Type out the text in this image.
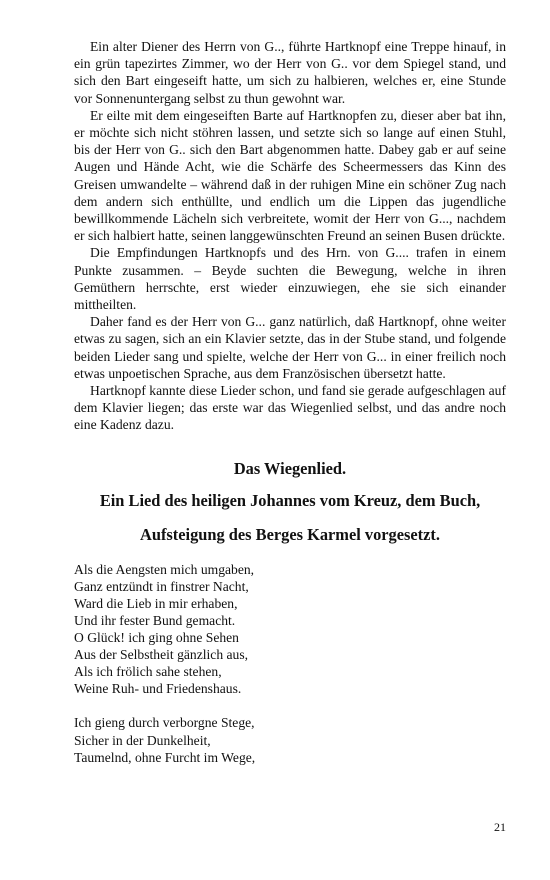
Ein alter Diener des Herrn von G.., führte Hartknopf eine Treppe hinauf, in ein grün tapezirtes Zimmer, wo der Herr von G.. vor dem Spiegel stand, und sich den Bart eingeseift hatte, um sich zu halbieren, welches er, eine Stunde vor Sonnenuntergang selbst zu thun gewohnt war.

Er eilte mit dem eingeseiften Barte auf Hartknopfen zu, dieser aber bat ihn, er möchte sich nicht stöhren lassen, und setzte sich so lange auf einen Stuhl, bis der Herr von G.. sich den Bart abgenommen hatte. Dabey gab er auf seine Augen und Hände Acht, wie die Schärfe des Scheermessers das Kinn des Greisen umwandelte – während daß in der ruhigen Mine ein schöner Zug nach dem andern sich enthüllte, und endlich um die Lippen das jugendliche bewillkommende Lächeln sich verbreitete, womit der Herr von G..., nachdem er sich halbiert hatte, seinen langgewünschten Freund an seinen Busen drückte.

Die Empfindungen Hartknopfs und des Hrn. von G.... trafen in einem Punkte zusammen. – Beyde suchten die Bewegung, welche in ihren Gemüthern herrschte, erst wieder einzuwiegen, ehe sie sich einander mittheilten.

Daher fand es der Herr von G... ganz natürlich, daß Hartknopf, ohne weiter etwas zu sagen, sich an ein Klavier setzte, das in der Stube stand, und folgende beiden Lieder sang und spielte, welche der Herr von G... in einer freilich noch etwas unpoetischen Sprache, aus dem Französischen übersetzt hatte.

Hartknopf kannte diese Lieder schon, und fand sie gerade aufgeschlagen auf dem Klavier liegen; das erste war das Wiegenlied selbst, und das andre noch eine Kadenz dazu.

Das Wiegenlied.
Ein Lied des heiligen Johannes vom Kreuz, dem Buch,
Aufsteigung des Berges Karmel vorgesetzt.
Als die Aengsten mich umgaben,
Ganz entzündt in finstrer Nacht,
Ward die Lieb in mir erhaben,
Und ihr fester Bund gemacht.
O Glück! ich ging ohne Sehen
Aus der Selbstheit gänzlich aus,
Als ich frölich sahe stehen,
Weine Ruh- und Friedenshaus.
Ich gieng durch verborgne Stege,
Sicher in der Dunkelheit,
Taumelnd, ohne Furcht im Wege,
21
